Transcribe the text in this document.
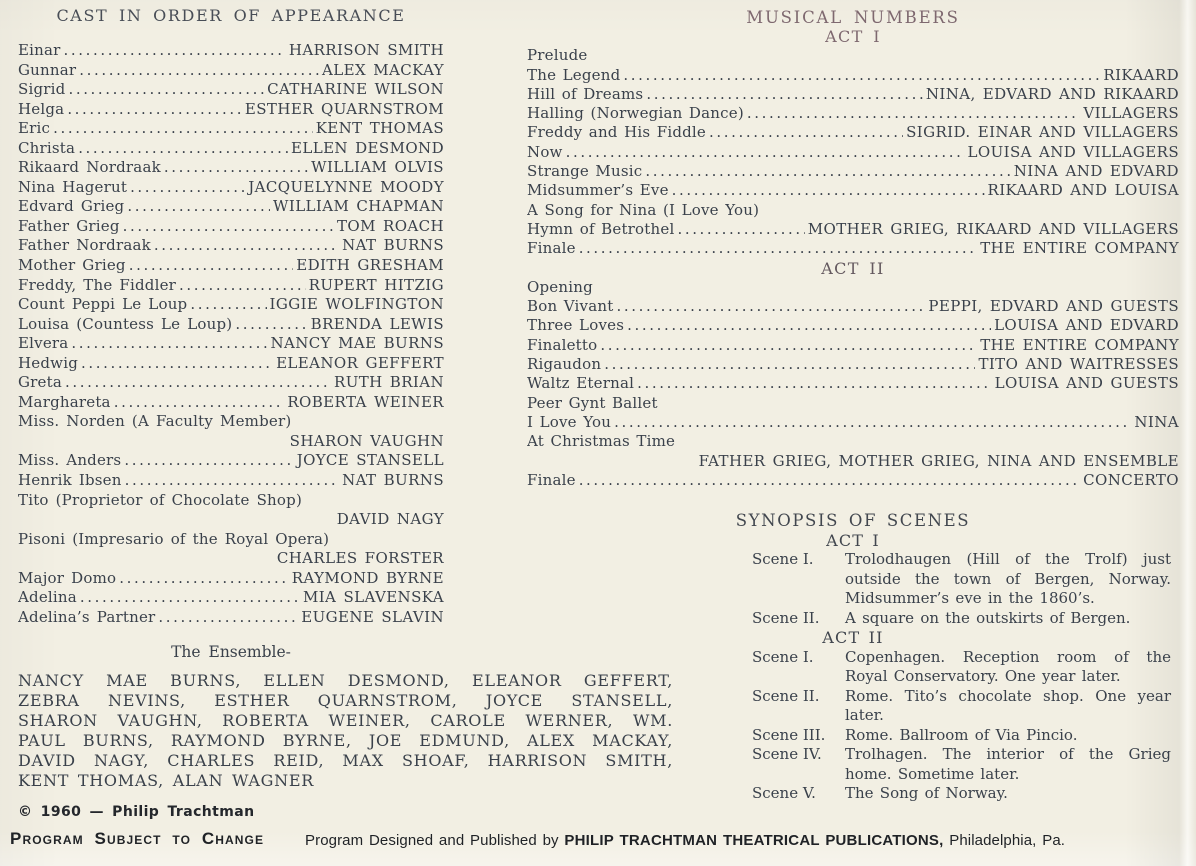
CAST IN ORDER OF APPEARANCE
Einar .....	HARRISON SMITH
Gunnar .....	ALEX MACKAY
Sigrid .....	CATHARINE WILSON
Helga .....	ESTHER QUARNSTROM
Eric .....	KENT THOMAS
Christa .....	ELLEN DESMOND
Rikaard Nordraak .....	WILLIAM OLVIS
Nina Hagerut .....	JACQUELYNNE MOODY
Edvard Grieg .....	WILLIAM CHAPMAN
Father Grieg .....	TOM ROACH
Father Nordraak .....	NAT BURNS
Mother Grieg .....	EDITH GRESHAM
Freddy, The Fiddler .....	RUPERT HITZIG
Count Peppi Le Loup .....	IGGIE WOLFINGTON
Louisa (Countess Le Loup) .....	BRENDA LEWIS
Elvera .....	NANCY MAE BURNS
Hedwig .....	ELEANOR GEFFERT
Greta .....	RUTH BRIAN
Marghareta .....	ROBERTA WEINER
Miss. Norden (A Faculty Member)
SHARON VAUGHN
Miss. Anders .....	JOYCE STANSELL
Henrik Ibsen .....	NAT BURNS
Tito (Proprietor of Chocolate Shop)
DAVID NAGY
Pisoni (Impresario of the Royal Opera)
CHARLES FORSTER
Major Domo .....	RAYMOND BYRNE
Adelina .....	MIA SLAVENSKA
Adelina’s Partner .....	EUGENE SLAVIN
The Ensemble-
NANCY MAE BURNS, ELLEN DESMOND, ELEANOR GEFFERT,
ZEBRA NEVINS, ESTHER QUARNSTROM, JOYCE STANSELL,
SHARON VAUGHN, ROBERTA WEINER, CAROLE WERNER, WM.
PAUL BURNS, RAYMOND BYRNE, JOE EDMUND, ALEX MACKAY,
DAVID NAGY, CHARLES REID, MAX SHOAF, HARRISON SMITH,
KENT THOMAS, ALAN WAGNER
MUSICAL NUMBERS
ACT I
Prelude
The Legend .....	RIKAARD
Hill of Dreams .....	NINA, EDVARD AND RIKAARD
Halling (Norwegian Dance) .....	VILLAGERS
Freddy and His Fiddle .....	SIGRID. EINAR AND VILLAGERS
Now .....	LOUISA AND VILLAGERS
Strange Music .....	NINA AND EDVARD
Midsummer’s Eve .....	RIKAARD AND LOUISA
A Song for Nina (I Love You)
Hymn of Betrothel .....	MOTHER GRIEG, RIKAARD AND VILLAGERS
Finale .....	THE ENTIRE COMPANY
ACT II
Opening
Bon Vivant .....	PEPPI, EDVARD AND GUESTS
Three Loves .....	LOUISA AND EDVARD
Finaletto .....	THE ENTIRE COMPANY
Rigaudon .....	TITO AND WAITRESSES
Waltz Eternal .....	LOUISA AND GUESTS
Peer Gynt Ballet
I Love You .....	NINA
At Christmas Time
FATHER GRIEG, MOTHER GRIEG, NINA AND ENSEMBLE
Finale .....	CONCERTO
SYNOPSIS OF SCENES
ACT I
Scene I.	Trolodhaugen (Hill of the Trolf) just outside the town of Bergen, Norway. Midsummer’s eve in the 1860’s.
Scene II.	A square on the outskirts of Bergen.
ACT II
Scene I.	Copenhagen. Reception room of the Royal Conservatory. One year later.
Scene II.	Rome. Tito’s chocolate shop. One year later.
Scene III.	Rome. Ballroom of Via Pincio.
Scene IV.	Trolhagen. The interior of the Grieg home. Sometime later.
Scene V.	The Song of Norway.
© 1960 — Philip Trachtman
Program Subject to Change	Program Designed and Published by PHILIP TRACHTMAN THEATRICAL PUBLICATIONS, Philadelphia, Pa.
